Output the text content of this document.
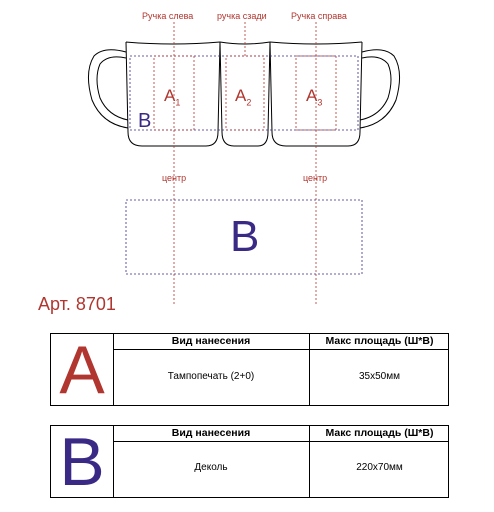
Ручка слева	ручка сзади	Ручка справа
$A_1$	$A_2$	$A_3$
B
центр	центр
B
Арт. 8701
A	Вид нанесения	Макс площадь (Ш*В)
Тампопечать (2+0)	35х50мм
B	Вид нанесения	Макс площадь (Ш*В)
Деколь	220х70мм
